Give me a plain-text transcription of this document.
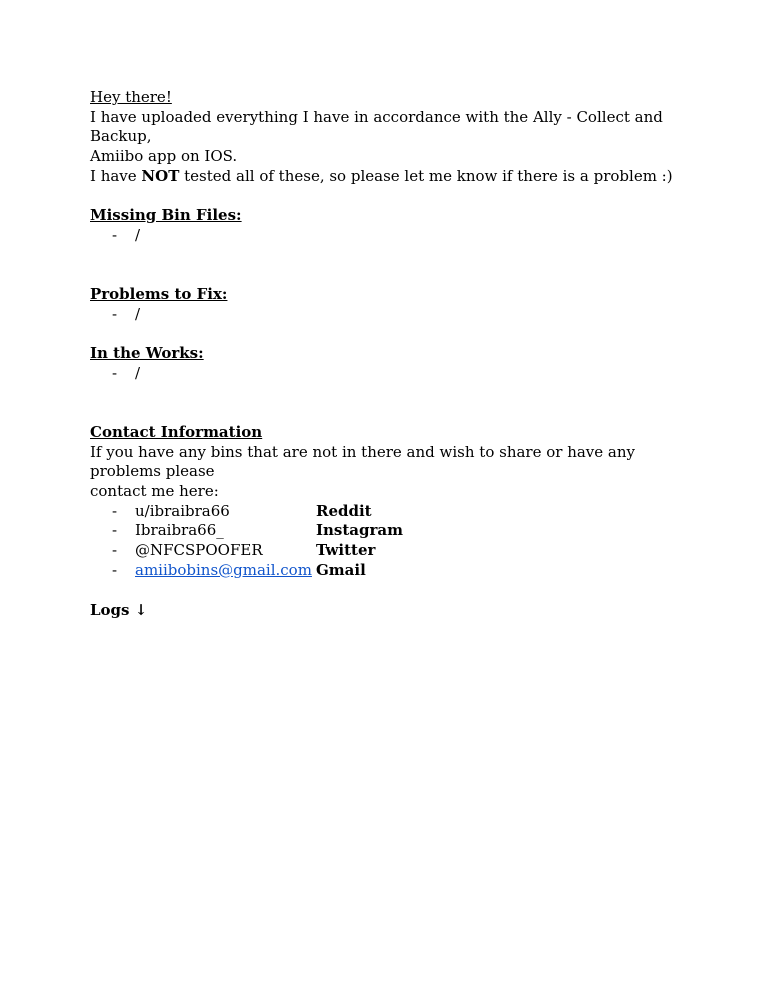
Hey there!

I have uploaded everything I have in accordance with the Ally - Collect and Backup,

Amiibo app on IOS.

I have NOT tested all of these, so please let me know if there is a problem :)

Missing Bin Files:

- /

Problems to Fix:

- /

In the Works:

- /

Contact Information

If you have any bins that are not in there and wish to share or have any problems please

contact me here:

- u/ibraibra66	Reddit
- Ibraibra66_	Instagram
- @NFCSPOOFER	Twitter
- amiibobins@gmail.com Gmail

Logs ↓
